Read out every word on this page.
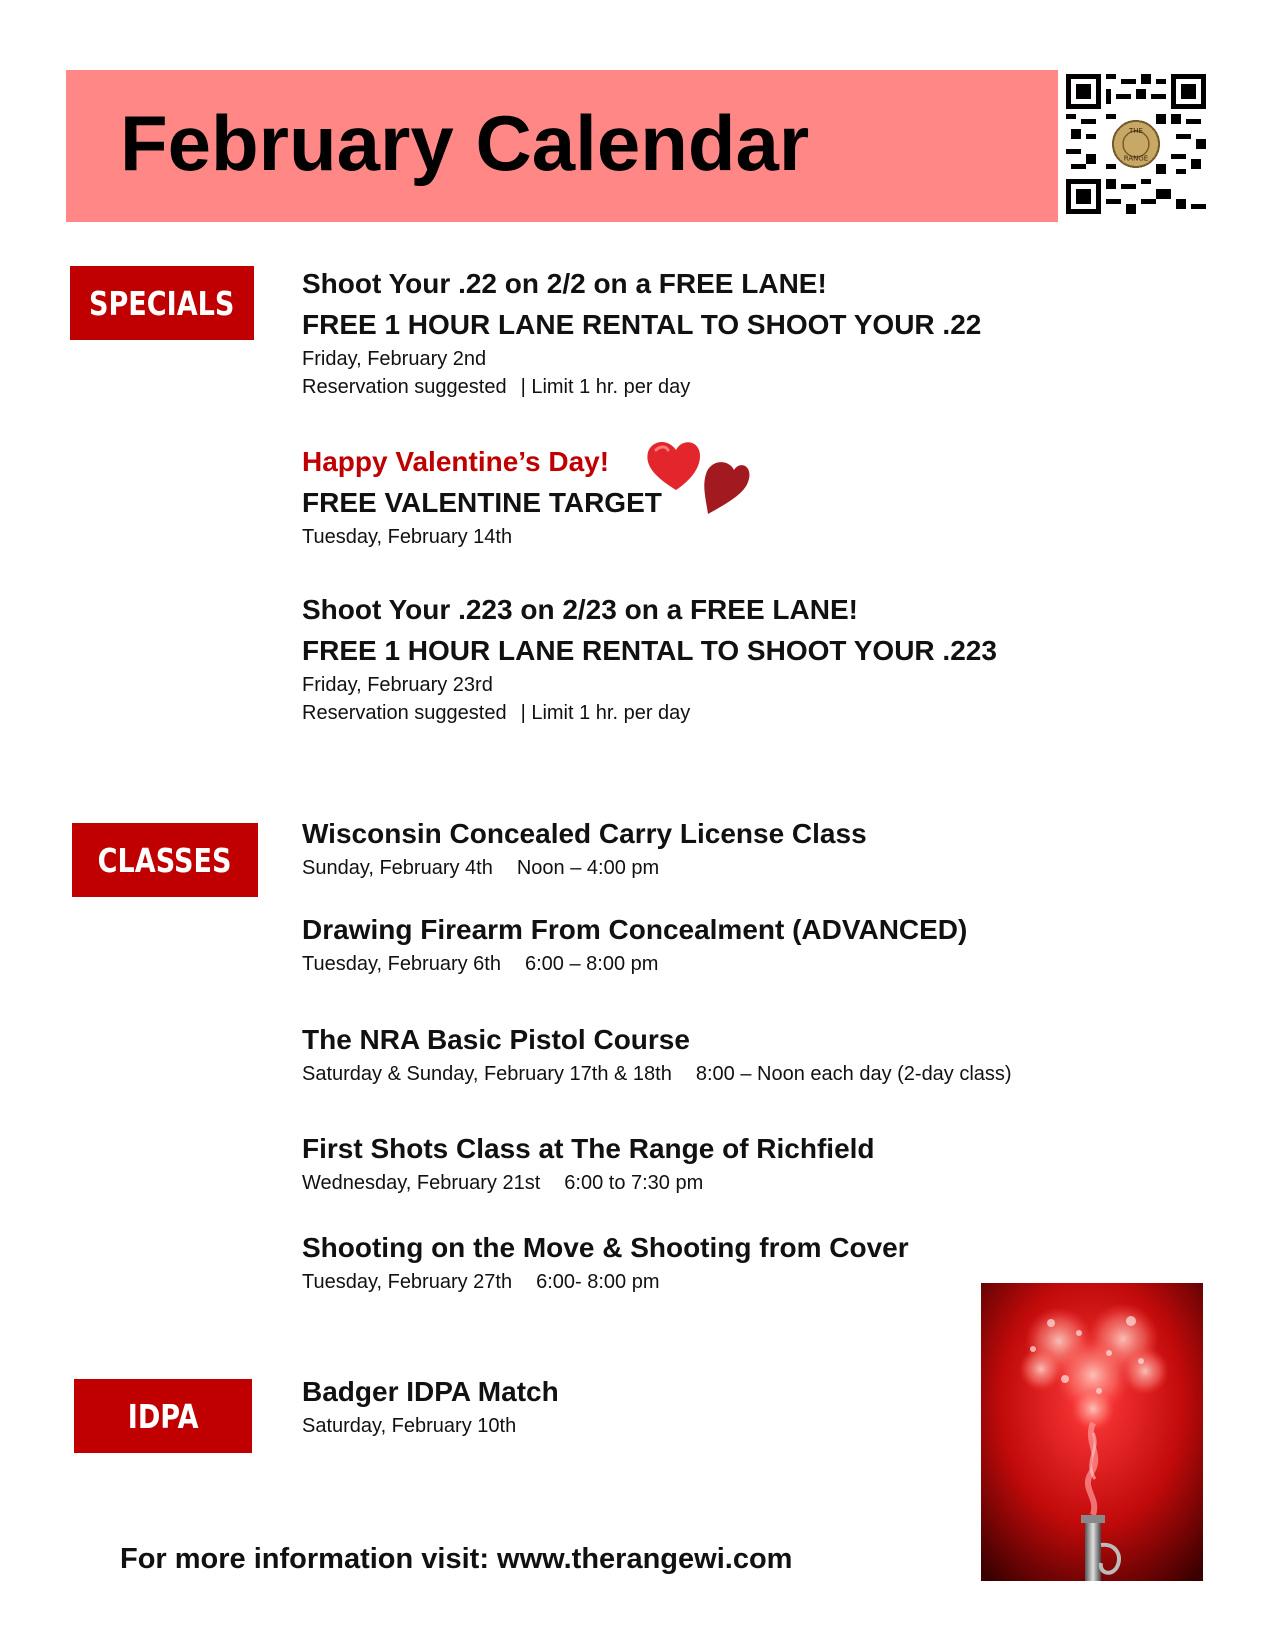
February Calendar	THE
RANGE
SPECIALS
CLASSES
IDPA
Shoot Your .22 on 2/2 on a FREE LANE!
FREE 1 HOUR LANE RENTAL TO SHOOT YOUR .22
Friday, February 2nd
Reservation suggested | Limit 1 hr. per day
Happy Valentine’s Day!
FREE VALENTINE TARGET
Tuesday, February 14th
Shoot Your .223 on 2/23 on a FREE LANE!
FREE 1 HOUR LANE RENTAL TO SHOOT YOUR .223
Friday, February 23rd
Reservation suggested | Limit 1 hr. per day
Wisconsin Concealed Carry License Class
Sunday, February 4th Noon – 4:00 pm
Drawing Firearm From Concealment (ADVANCED)
Tuesday, February 6th 6:00 – 8:00 pm
The NRA Basic Pistol Course
Saturday & Sunday, February 17th & 18th 8:00 – Noon each day (2-day class)
First Shots Class at The Range of Richfield
Wednesday, February 21st 6:00 to 7:30 pm
Shooting on the Move & Shooting from Cover
Tuesday, February 27th 6:00- 8:00 pm
Badger IDPA Match
Saturday, February 10th
For more information visit: www.therangewi.com
